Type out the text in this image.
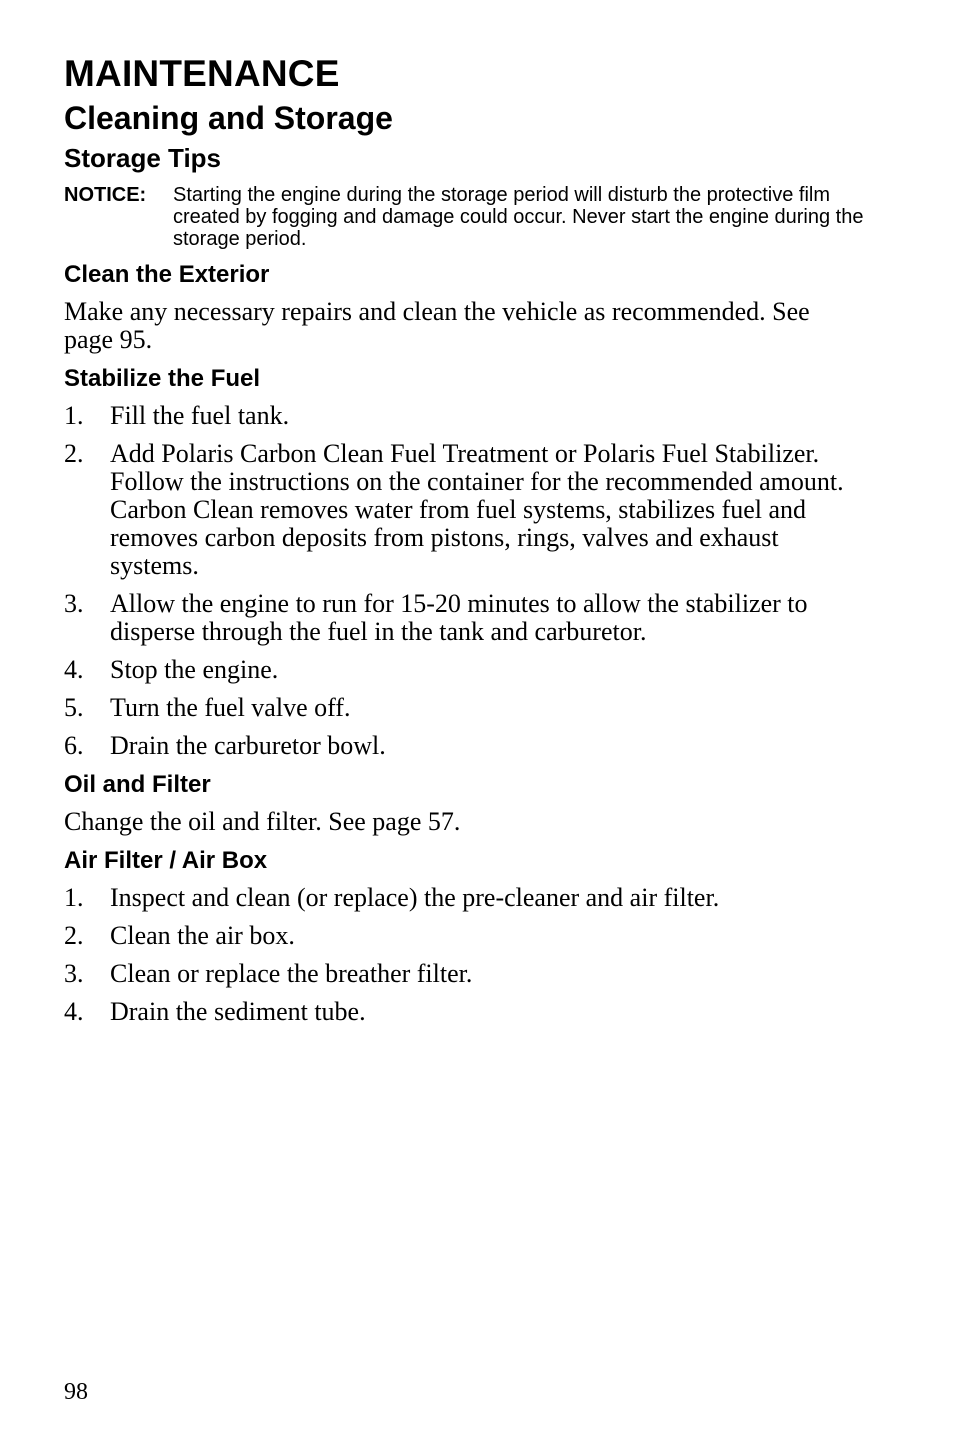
MAINTENANCE
Cleaning and Storage
Storage Tips
NOTICE:	Starting the engine during the storage period will disturb the protective film created by fogging and damage could occur. Never start the engine during the storage period.
Clean the Exterior

Make any necessary repairs and clean the vehicle as recommended. See page 95.

Stabilize the Fuel
1.	Fill the fuel tank.
2.	Add Polaris Carbon Clean Fuel Treatment or Polaris Fuel Stabilizer. Follow the instructions on the container for the recommended amount. Carbon Clean removes water from fuel systems, stabilizes fuel and removes carbon deposits from pistons, rings, valves and exhaust systems.
3.	Allow the engine to run for 15-20 minutes to allow the stabilizer to disperse through the fuel in the tank and carburetor.
4.	Stop the engine.
5.	Turn the fuel valve off.
6.	Drain the carburetor bowl.
Oil and Filter

Change the oil and filter. See page 57.

Air Filter / Air Box
1.	Inspect and clean (or replace) the pre-cleaner and air filter.
2.	Clean the air box.
3.	Clean or replace the breather filter.
4.	Drain the sediment tube.
98
